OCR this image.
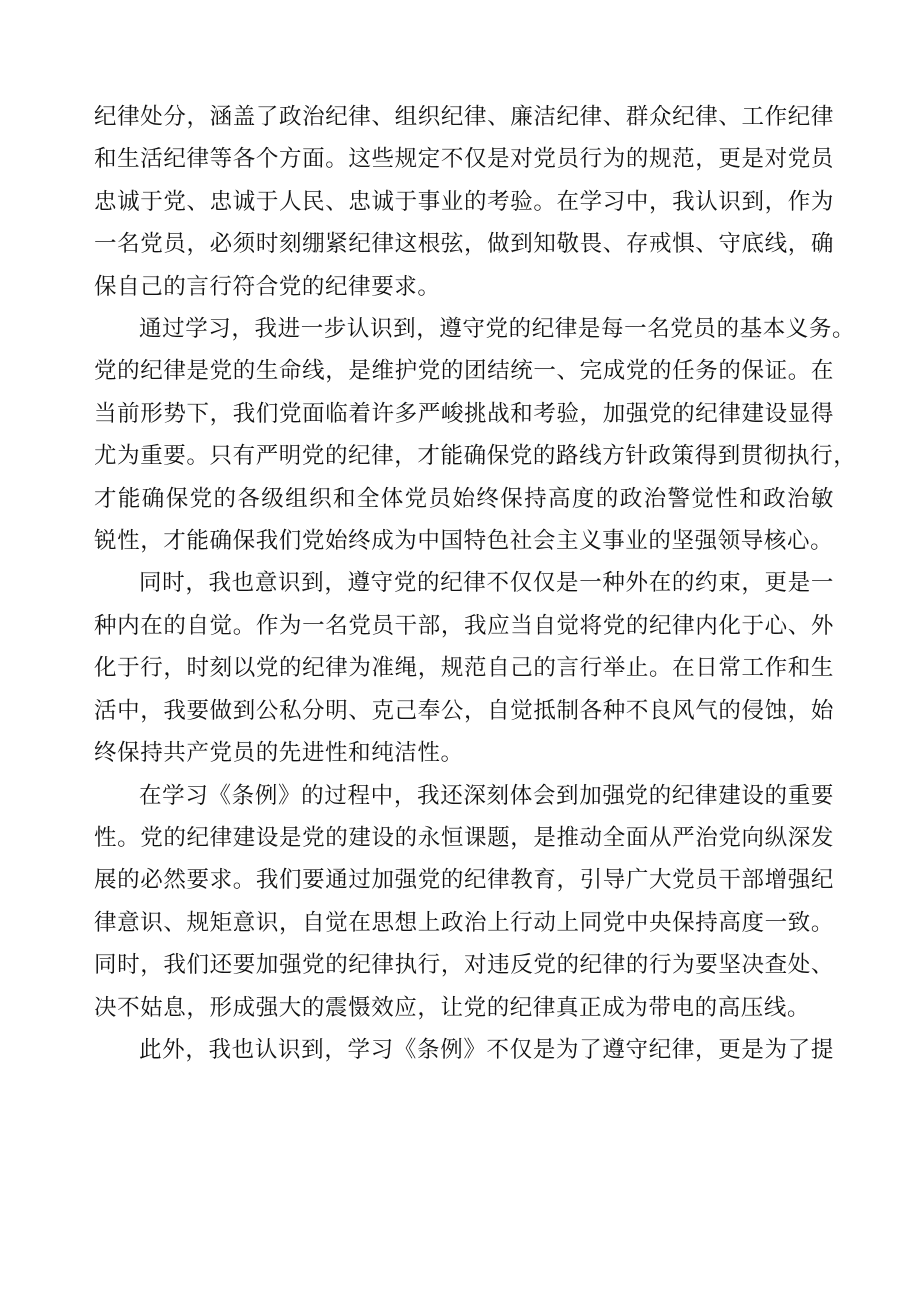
纪律处分，涵盖了政治纪律、组织纪律、廉洁纪律、群众纪律、工作纪律
和生活纪律等各个方面。这些规定不仅是对党员行为的规范，更是对党员
忠诚于党、忠诚于人民、忠诚于事业的考验。在学习中，我认识到，作为
一名党员，必须时刻绷紧纪律这根弦，做到知敬畏、存戒惧、守底线，确
保自己的言行符合党的纪律要求。

通过学习，我进一步认识到，遵守党的纪律是每一名党员的基本义务。
党的纪律是党的生命线，是维护党的团结统一、完成党的任务的保证。在
当前形势下，我们党面临着许多严峻挑战和考验，加强党的纪律建设显得
尤为重要。只有严明党的纪律，才能确保党的路线方针政策得到贯彻执行，
才能确保党的各级组织和全体党员始终保持高度的政治警觉性和政治敏
锐性，才能确保我们党始终成为中国特色社会主义事业的坚强领导核心。

同时，我也意识到，遵守党的纪律不仅仅是一种外在的约束，更是一
种内在的自觉。作为一名党员干部，我应当自觉将党的纪律内化于心、外
化于行，时刻以党的纪律为准绳，规范自己的言行举止。在日常工作和生
活中，我要做到公私分明、克己奉公，自觉抵制各种不良风气的侵蚀，始
终保持共产党员的先进性和纯洁性。

在学习《条例》的过程中，我还深刻体会到加强党的纪律建设的重要
性。党的纪律建设是党的建设的永恒课题，是推动全面从严治党向纵深发
展的必然要求。我们要通过加强党的纪律教育，引导广大党员干部增强纪
律意识、规矩意识，自觉在思想上政治上行动上同党中央保持高度一致。
同时，我们还要加强党的纪律执行，对违反党的纪律的行为要坚决查处、
决不姑息，形成强大的震慑效应，让党的纪律真正成为带电的高压线。

此外，我也认识到，学习《条例》不仅是为了遵守纪律，更是为了提
